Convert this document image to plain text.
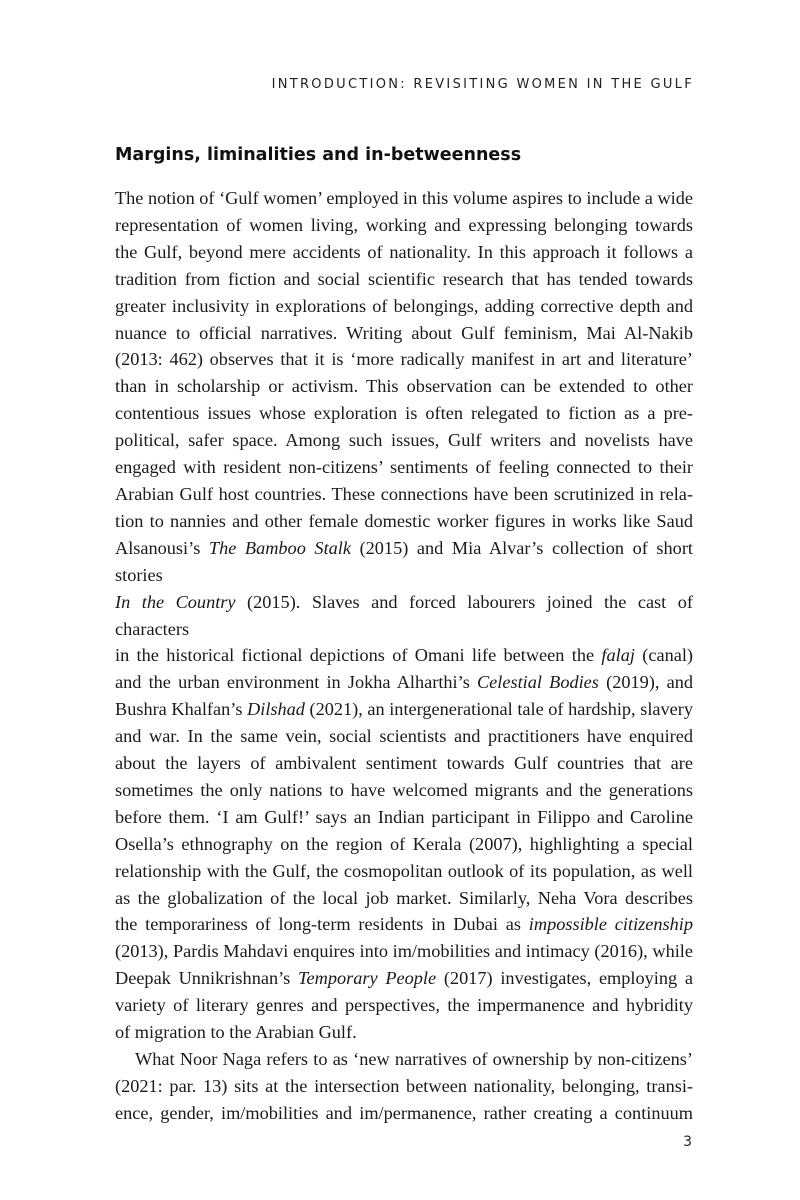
INTRODUCTION: REVISITING WOMEN IN THE GULF
Margins, liminalities and in-betweenness

The notion of ‘Gulf women’ employed in this volume aspires to include a wide
representation of women living, working and expressing belonging towards
the Gulf, beyond mere accidents of nationality. In this approach it follows a
tradition from fiction and social scientific research that has tended towards
greater inclusivity in explorations of belongings, adding corrective depth and
nuance to official narratives. Writing about Gulf feminism, Mai Al-Nakib
(2013: 462) observes that it is ‘more radically manifest in art and literature’
than in scholarship or activism. This observation can be extended to other
contentious issues whose exploration is often relegated to fiction as a pre-
political, safer space. Among such issues, Gulf writers and novelists have
engaged with resident non-citizens’ sentiments of feeling connected to their
Arabian Gulf host countries. These connections have been scrutinized in rela-
tion to nannies and other female domestic worker figures in works like Saud
Alsanousi’s The Bamboo Stalk (2015) and Mia Alvar’s collection of short stories
In the Country (2015). Slaves and forced labourers joined the cast of characters
in the historical fictional depictions of Omani life between the falaj (canal)
and the urban environment in Jokha Alharthi’s Celestial Bodies (2019), and
Bushra Khalfan’s Dilshad (2021), an intergenerational tale of hardship, slavery
and war. In the same vein, social scientists and practitioners have enquired
about the layers of ambivalent sentiment towards Gulf countries that are
sometimes the only nations to have welcomed migrants and the generations
before them. ‘I am Gulf!’ says an Indian participant in Filippo and Caroline
Osella’s ethnography on the region of Kerala (2007), highlighting a special
relationship with the Gulf, the cosmopolitan outlook of its population, as well
as the globalization of the local job market. Similarly, Neha Vora describes
the temporariness of long-term residents in Dubai as impossible citizenship
(2013), Pardis Mahdavi enquires into im/mobilities and intimacy (2016), while
Deepak Unnikrishnan’s Temporary People (2017) investigates, employing a
variety of literary genres and perspectives, the impermanence and hybridity
of migration to the Arabian Gulf.

What Noor Naga refers to as ‘new narratives of ownership by non-citizens’
(2021: par. 13) sits at the intersection between nationality, belonging, transi-
ence, gender, im/mobilities and im/permanence, rather creating a continuum

3
